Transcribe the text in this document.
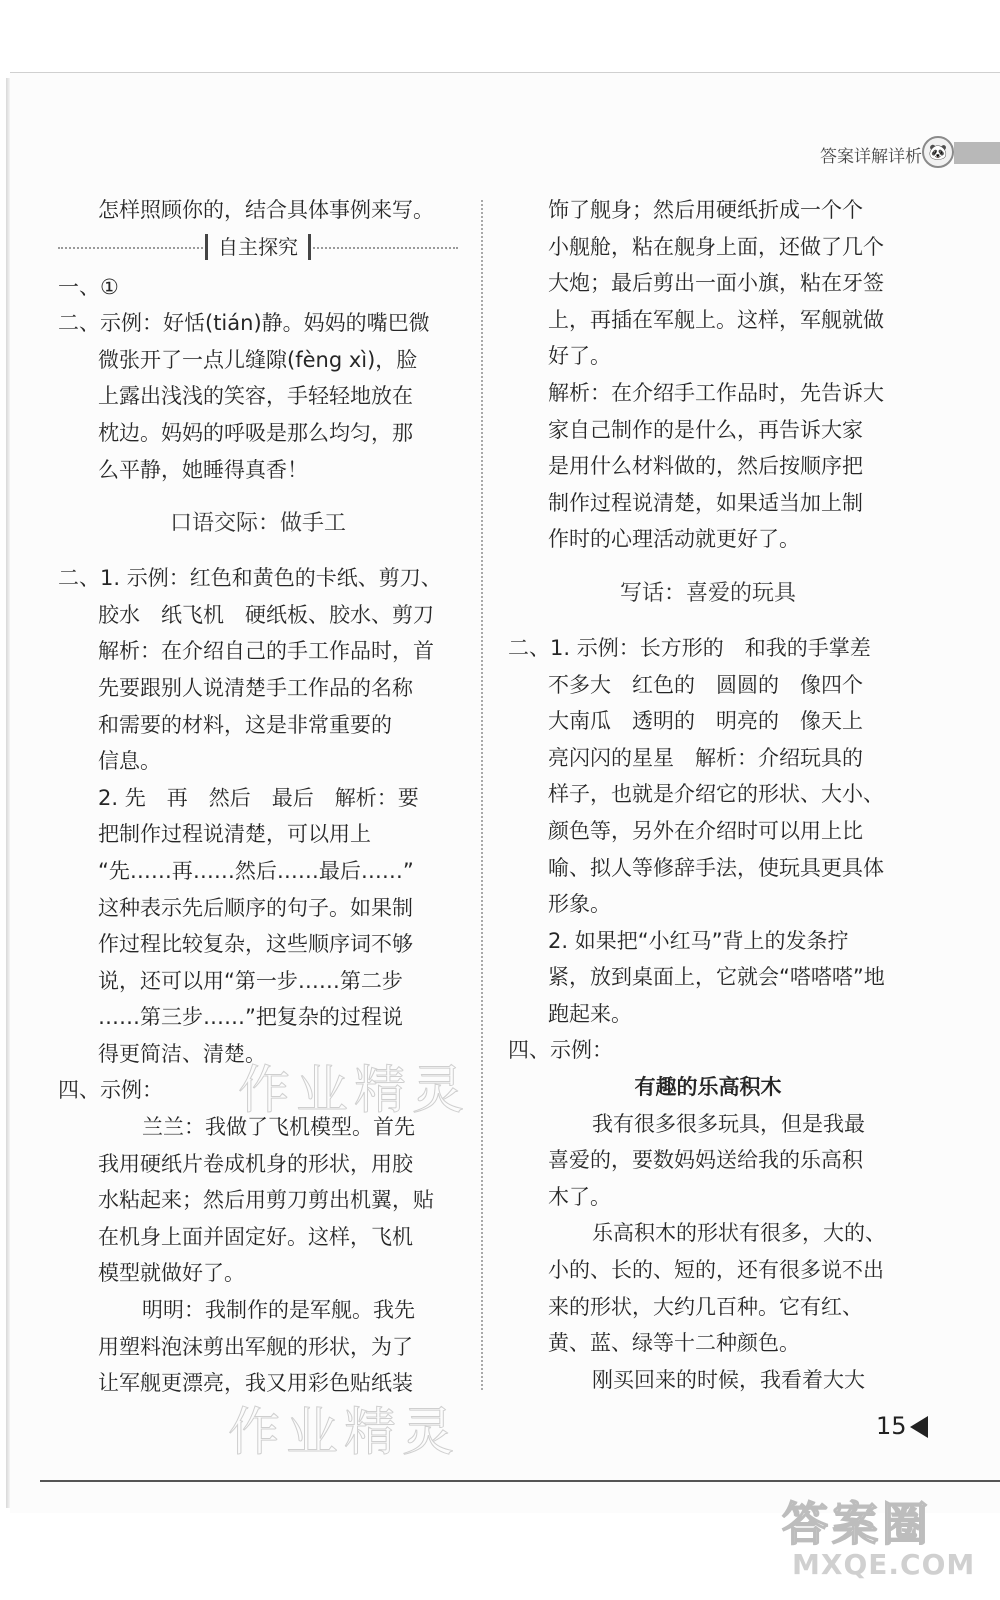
答案详解详析 🐼
怎样照顾你的，结合具体事例来写。
自主探究
一、①
二、示例：好恬(tián)静。妈妈的嘴巴微
微张开了一点儿缝隙(fèng xì)，脸
上露出浅浅的笑容，手轻轻地放在
枕边。妈妈的呼吸是那么均匀，那
么平静，她睡得真香！
口语交际：做手工
二、1. 示例：红色和黄色的卡纸、剪刀、
胶水　纸飞机　硬纸板、胶水、剪刀
解析：在介绍自己的手工作品时，首
先要跟别人说清楚手工作品的名称
和需要的材料，这是非常重要的
信息。
2. 先　再　然后　最后　解析：要
把制作过程说清楚，可以用上
“先……再……然后……最后……”
这种表示先后顺序的句子。如果制
作过程比较复杂，这些顺序词不够
说，还可以用“第一步……第二步
……第三步……”把复杂的过程说
得更简洁、清楚。
四、示例：
兰兰：我做了飞机模型。首先
我用硬纸片卷成机身的形状，用胶
水粘起来；然后用剪刀剪出机翼，贴
在机身上面并固定好。这样，飞机
模型就做好了。
明明：我制作的是军舰。我先
用塑料泡沫剪出军舰的形状，为了
让军舰更漂亮，我又用彩色贴纸装
饰了舰身；然后用硬纸折成一个个
小舰舱，粘在舰身上面，还做了几个
大炮；最后剪出一面小旗，粘在牙签
上，再插在军舰上。这样，军舰就做
好了。
解析：在介绍手工作品时，先告诉大
家自己制作的是什么，再告诉大家
是用什么材料做的，然后按顺序把
制作过程说清楚，如果适当加上制
作时的心理活动就更好了。
写话：喜爱的玩具
二、1. 示例：长方形的　和我的手掌差
不多大　红色的　圆圆的　像四个
大南瓜　透明的　明亮的　像天上
亮闪闪的星星　解析：介绍玩具的
样子，也就是介绍它的形状、大小、
颜色等，另外在介绍时可以用上比
喻、拟人等修辞手法，使玩具更具体
形象。
2. 如果把“小红马”背上的发条拧
紧，放到桌面上，它就会“嗒嗒嗒”地
跑起来。
四、示例：
有趣的乐高积木
我有很多很多玩具，但是我最
喜爱的，要数妈妈送给我的乐高积
木了。
乐高积木的形状有很多，大的、
小的、长的、短的，还有很多说不出
来的形状，大约几百种。它有红、
黄、蓝、绿等十二种颜色。
刚买回来的时候，我看着大大
作业精灵
作业精灵	15
答案圈
MXQE.COM
